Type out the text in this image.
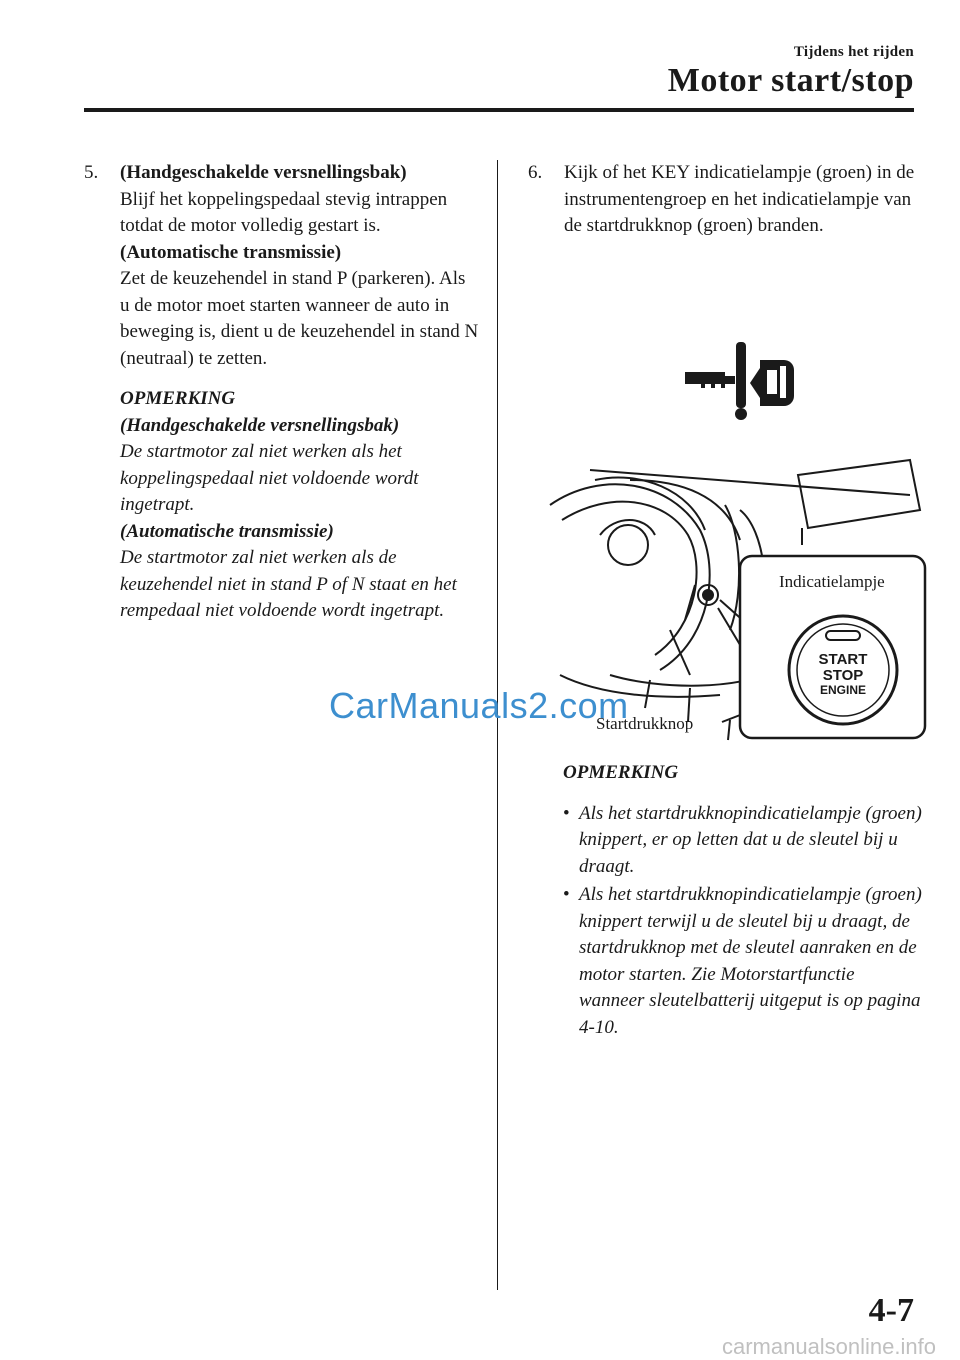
Tijdens het rijden
Motor start/stop
5.	(Handgeschakelde versnellingsbak)
Blijf het koppelingspedaal stevig intrappen totdat de motor volledig gestart is.
(Automatische transmissie)
Zet de keuzehendel in stand P (parkeren). Als u de motor moet starten wanneer de auto in beweging is, dient u de keuzehendel in stand N (neutraal) te zetten.
OPMERKING
(Handgeschakelde versnellingsbak)
De startmotor zal niet werken als het koppelingspedaal niet voldoende wordt ingetrapt.
(Automatische transmissie)
De startmotor zal niet werken als de keuzehendel niet in stand P of N staat en het rempedaal niet voldoende wordt ingetrapt.
6.	Kijk of het KEY indicatielampje (groen) in de instrumentengroep en het indicatielampje van de startdrukknop (groen) branden.
START
STOP
ENGINE
Indicatielampje
Startdrukknop
OPMERKING
• Als het startdrukknopindicatielampje (groen) knippert, er op letten dat u de sleutel bij u draagt.
• Als het startdrukknopindicatielampje (groen) knippert terwijl u de sleutel bij u draagt, de startdrukknop met de sleutel aanraken en de motor starten. Zie Motorstartfunctie wanneer sleutelbatterij uitgeput is op pagina 4-10.
CarManuals2.com
4-7
carmanualsonline.info
